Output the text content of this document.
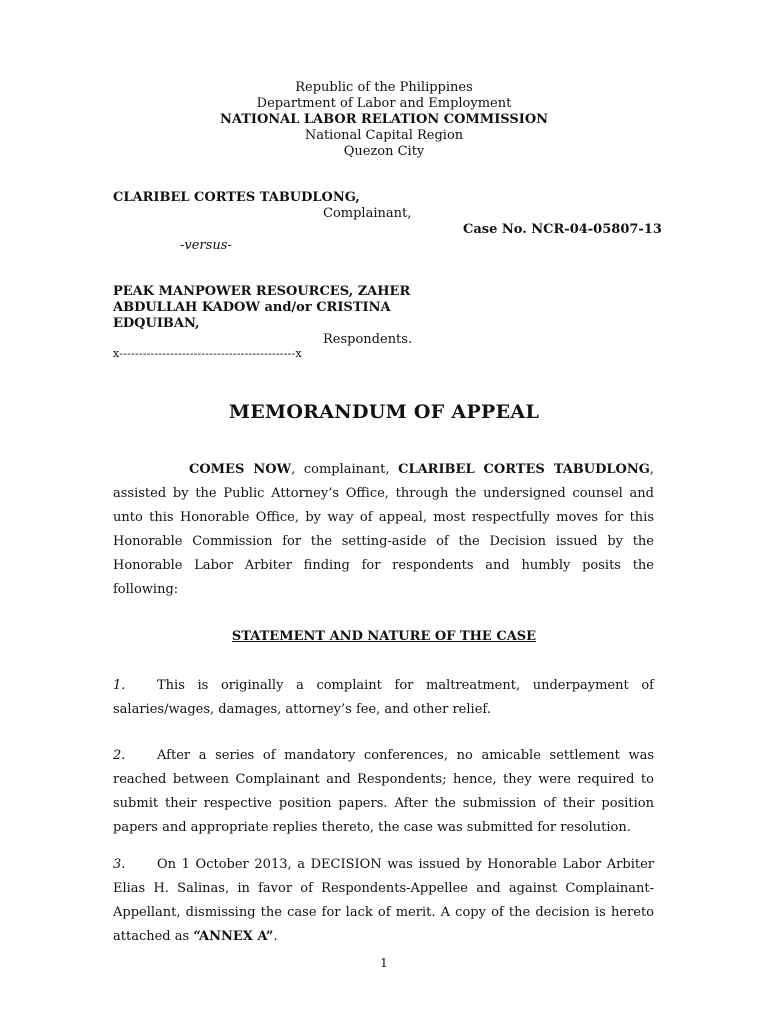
Republic of the Philippines
Department of Labor and Employment
NATIONAL LABOR RELATION COMMISSION
National Capital Region
Quezon City
CLARIBEL CORTES TABUDLONG,
Complainant,
Case No. NCR-04-05807-13
-versus-
PEAK MANPOWER RESOURCES, ZAHER
ABDULLAH KADOW and/or CRISTINA
EDQUIBAN,
Respondents.
x---------------------------------------------x
MEMORANDUM OF APPEAL

COMES NOW, complainant, CLARIBEL CORTES TABUDLONG, assisted by the Public Attorney’s Office, through the undersigned counsel and unto this Honorable Office, by way of appeal, most respectfully moves for this Honorable Commission for the setting-aside of the Decision issued by the Honorable Labor Arbiter finding for respondents and humbly posits the following:

STATEMENT AND NATURE OF THE CASE

1. This is originally a complaint for maltreatment, underpayment of salaries/wages, damages, attorney’s fee, and other relief.

2. After a series of mandatory conferences, no amicable settlement was reached between Complainant and Respondents; hence, they were required to submit their respective position papers. After the submission of their position papers and appropriate replies thereto, the case was submitted for resolution.

3. On 1 October 2013, a DECISION was issued by Honorable Labor Arbiter Elias H. Salinas, in favor of Respondents-Appellee and against Complainant-Appellant, dismissing the case for lack of merit. A copy of the decision is hereto attached as “ANNEX A”.

1
